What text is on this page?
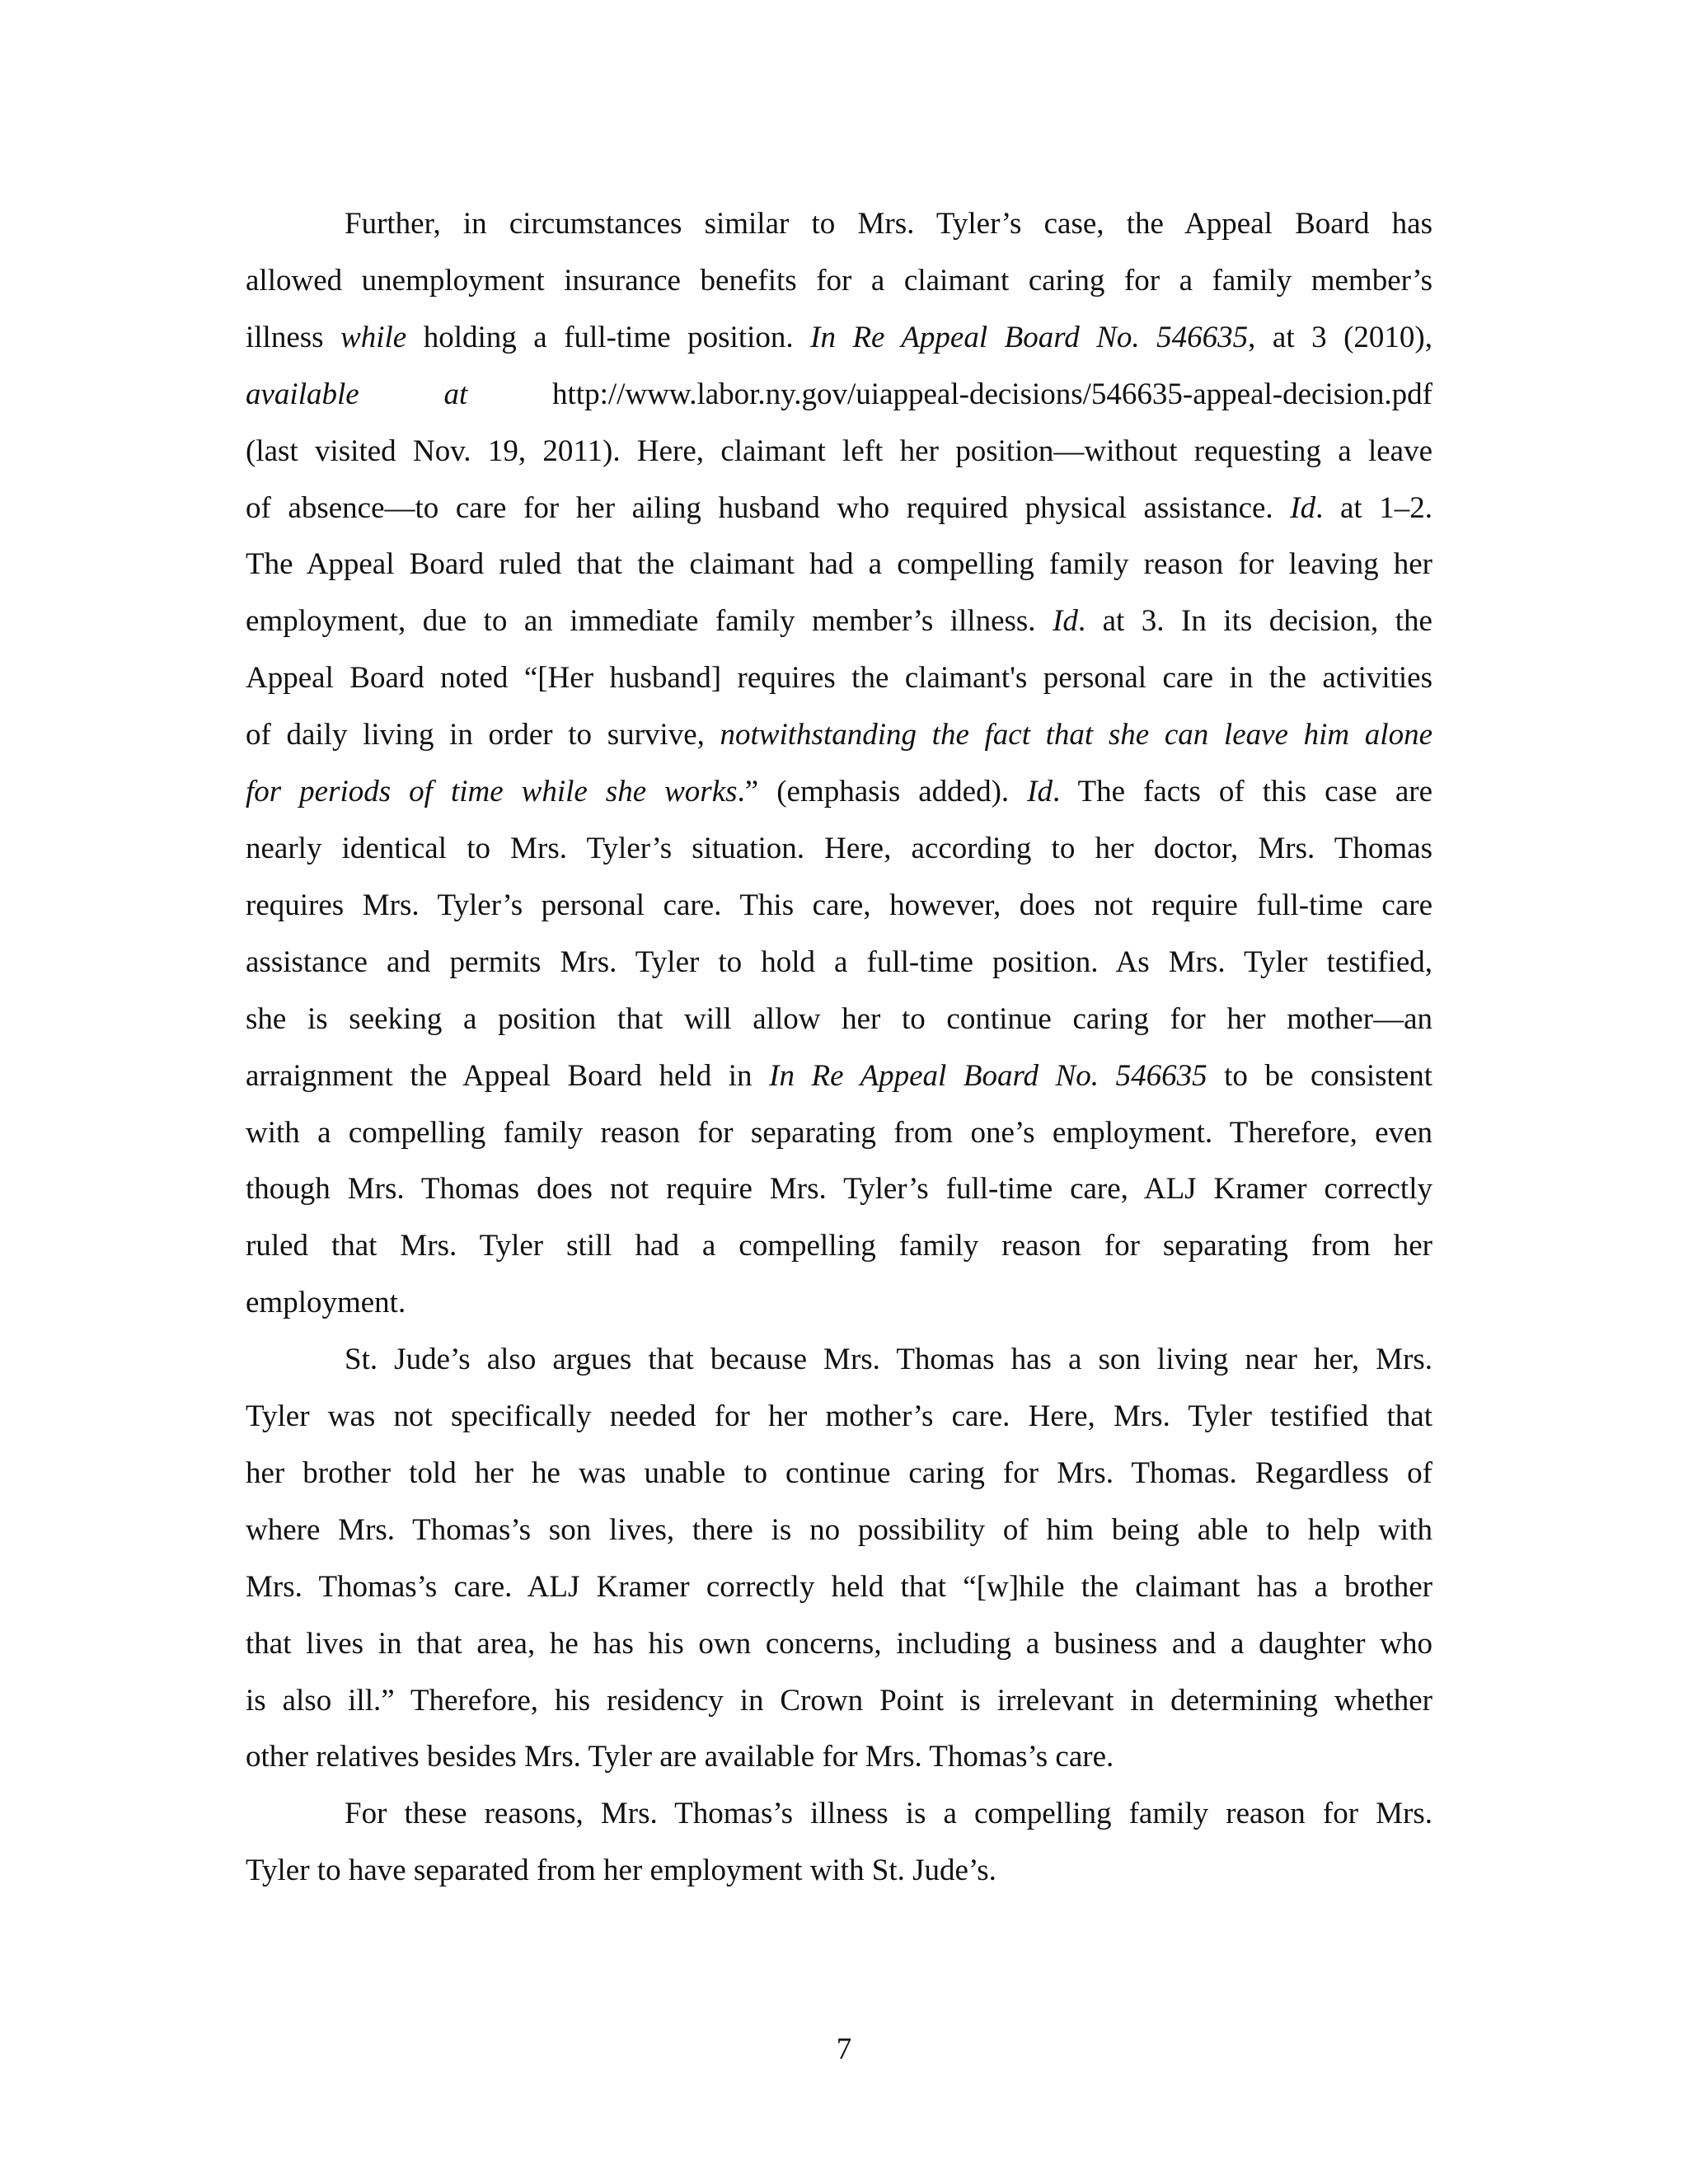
Further, in circumstances similar to Mrs. Tyler’s case, the Appeal Board has
allowed unemployment insurance benefits for a claimant caring for a family member’s
illness while holding a full-time position. In Re Appeal Board No. 546635, at 3 (2010),
available at http://www.labor.ny.gov/uiappeal-decisions/546635-appeal-decision.pdf
(last visited Nov. 19, 2011). Here, claimant left her position—without requesting a leave
of absence—to care for her ailing husband who required physical assistance. Id. at 1–2.
The Appeal Board ruled that the claimant had a compelling family reason for leaving her
employment, due to an immediate family member’s illness. Id. at 3. In its decision, the
Appeal Board noted “[Her husband] requires the claimant's personal care in the activities
of daily living in order to survive, notwithstanding the fact that she can leave him alone
for periods of time while she works.” (emphasis added). Id. The facts of this case are
nearly identical to Mrs. Tyler’s situation. Here, according to her doctor, Mrs. Thomas
requires Mrs. Tyler’s personal care. This care, however, does not require full-time care
assistance and permits Mrs. Tyler to hold a full-time position. As Mrs. Tyler testified,
she is seeking a position that will allow her to continue caring for her mother—an
arraignment the Appeal Board held in In Re Appeal Board No. 546635 to be consistent
with a compelling family reason for separating from one’s employment. Therefore, even
though Mrs. Thomas does not require Mrs. Tyler’s full-time care, ALJ Kramer correctly
ruled that Mrs. Tyler still had a compelling family reason for separating from her
employment.
St. Jude’s also argues that because Mrs. Thomas has a son living near her, Mrs.
Tyler was not specifically needed for her mother’s care. Here, Mrs. Tyler testified that
her brother told her he was unable to continue caring for Mrs. Thomas. Regardless of
where Mrs. Thomas’s son lives, there is no possibility of him being able to help with
Mrs. Thomas’s care. ALJ Kramer correctly held that “[w]hile the claimant has a brother
that lives in that area, he has his own concerns, including a business and a daughter who
is also ill.” Therefore, his residency in Crown Point is irrelevant in determining whether
other relatives besides Mrs. Tyler are available for Mrs. Thomas’s care.
For these reasons, Mrs. Thomas’s illness is a compelling family reason for Mrs.
Tyler to have separated from her employment with St. Jude’s.
7
